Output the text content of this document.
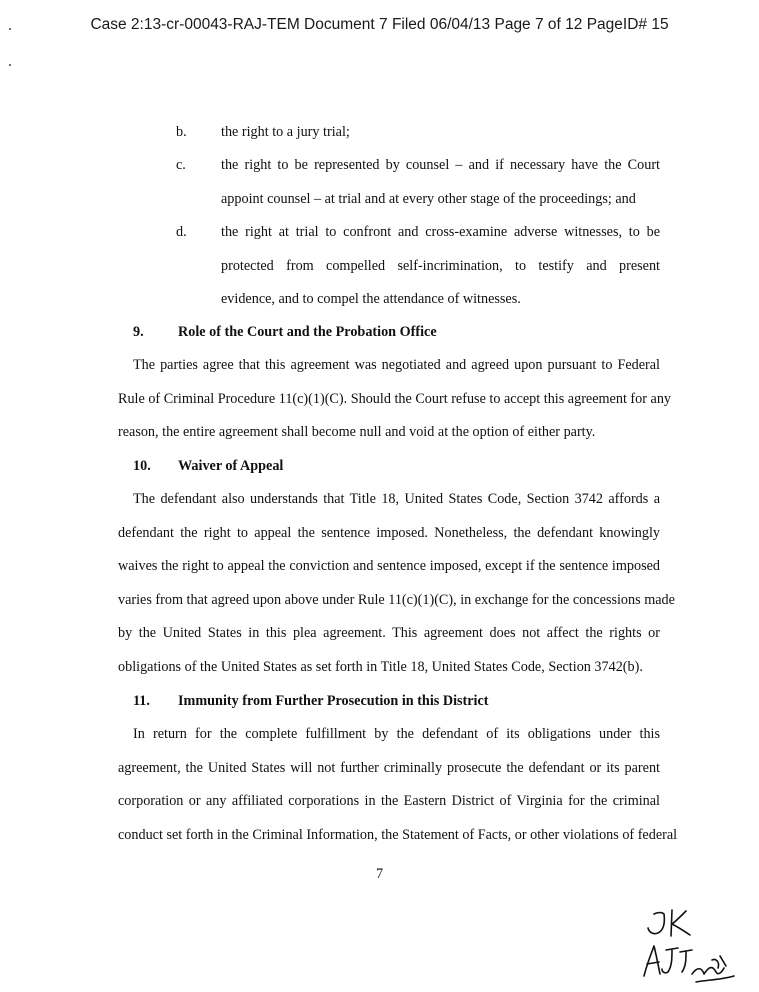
Case 2:13-cr-00043-RAJ-TEM Document 7 Filed 06/04/13 Page 7 of 12 PageID# 15
b. the right to a jury trial;
c. the right to be represented by counsel – and if necessary have the Court
appoint counsel – at trial and at every other stage of the proceedings; and
d. the right at trial to confront and cross-examine adverse witnesses, to be
protected from compelled self-incrimination, to testify and present
evidence, and to compel the attendance of witnesses.
9. Role of the Court and the Probation Office
The parties agree that this agreement was negotiated and agreed upon pursuant to Federal
Rule of Criminal Procedure 11(c)(1)(C). Should the Court refuse to accept this agreement for any
reason, the entire agreement shall become null and void at the option of either party.
10. Waiver of Appeal
The defendant also understands that Title 18, United States Code, Section 3742 affords a
defendant the right to appeal the sentence imposed. Nonetheless, the defendant knowingly
waives the right to appeal the conviction and sentence imposed, except if the sentence imposed
varies from that agreed upon above under Rule 11(c)(1)(C), in exchange for the concessions made
by the United States in this plea agreement. This agreement does not affect the rights or
obligations of the United States as set forth in Title 18, United States Code, Section 3742(b).
11. Immunity from Further Prosecution in this District
In return for the complete fulfillment by the defendant of its obligations under this
agreement, the United States will not further criminally prosecute the defendant or its parent
corporation or any affiliated corporations in the Eastern District of Virginia for the criminal
conduct set forth in the Criminal Information, the Statement of Facts, or other violations of federal
7
